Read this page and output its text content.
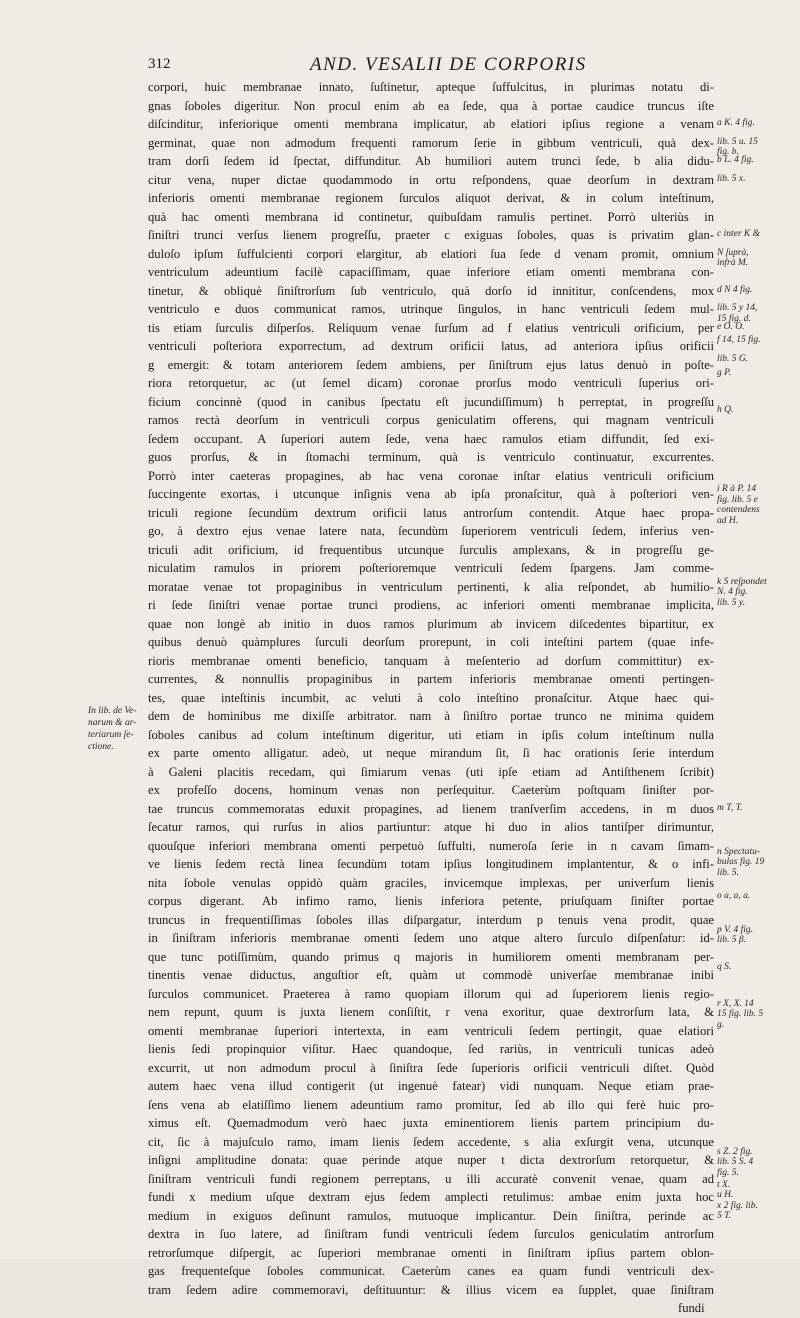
312	AND. VESALII DE CORPORIS
corpori, huic membranae innato, ſuſtinetur, apteque ſuffulcitus, in plurimas notatu di-
gnas ſoboles digeritur. Non procul enim ab ea ſede, qua à portae caudice truncus iſte
diſcinditur, inferiorique omenti membrana implicatur, ab elatiori ipſius regione a venam
germinat, quae non admodum frequenti ramorum ſerie in gibbum ventriculi, quà dex-
tram dorſi ſedem id ſpectat, diffunditur. Ab humiliori autem trunci ſede, b alia didu-
citur vena, nuper dictae quodammodo in ortu reſpondens, quae deorſum in dextram
inferioris omenti membranae regionem ſurculos aliquot derivat, & in colum inteſtinum,
quà hac omenti membrana id continetur, quibuſdam ramulis pertinet. Porrò ulteriùs in
ſiniſtri trunci verſus lienem progreſſu, praeter c exiguas ſoboles, quas is privatim glan-
duloſo ipſum ſuffulcienti corpori elargitur, ab elatiori ſua ſede d venam promit, omnium
ventriculum adeuntium facilè capaciſſimam, quae inferiore etiam omenti membrana con-
tinetur, & obliquè ſiniſtrorſum ſub ventriculo, quà dorſo id innititur, conſcendens, mox
ventriculo e duos communicat ramos, utrinque ſingulos, in hanc ventriculi ſedem mul-
tis etiam ſurculis diſperſos. Reliquum venae ſurſum ad f elatius ventriculi orificium, per
ventriculi poſteriora exporrectum, ad dextrum orificii latus, ad anteriora ipſius orificii
g emergit: & totam anteriorem ſedem ambiens, per ſiniſtrum ejus latus denuò in poſte-
riora retorquetur, ac (ut ſemel dicam) coronae prorſus modo ventriculi ſuperius ori-
ficium concinnè (quod in canibus ſpectatu eſt jucundiſſimum) h perreptat, in progreſſu
ramos rectà deorſum in ventriculi corpus geniculatim offerens, qui magnam ventriculi
ſedem occupant. A ſuperiori autem ſede, vena haec ramulos etiam diffundit, ſed exi-
guos prorſus, & in ſtomachi terminum, quà is ventriculo continuatur, excurrentes.
Porrò inter caeteras propagines, ab hac vena coronae inſtar elatius ventriculi orificium
ſuccingente exortas, i utcunque inſignis vena ab ipſa pronaſcitur, quà à poſteriori ven-
triculi regione ſecundùm dextrum orificii latus antrorſum contendit. Atque haec propa-
go, à dextro ejus venae latere nata, ſecundùm ſuperiorem ventriculi ſedem, inferius ven-
triculi adit orificium, id frequentibus utcunque ſurculis amplexans, & in progreſſu ge-
niculatim ramulos in priorem poſterioremque ventriculi ſedem ſpargens. Jam comme-
moratae venae tot propaginibus in ventriculum pertinenti, k alia reſpondet, ab humilio-
ri ſede ſiniſtri venae portae trunci prodiens, ac inferiori omenti membranae implicita,
quae non longè ab initio in duos ramos plurimum ab invicem diſcedentes bipartitur, ex
quibus denuò quàmplures ſurculi deorſum prorepunt, in coli inteſtini partem (quae infe-
rioris membranae omenti beneficio, tanquam à meſenterio ad dorſum committitur) ex-
currentes, & nonnullis propaginibus in partem inferioris membranae omenti pertingen-
tes, quae inteſtinis incumbit, ac veluti à colo inteſtino pronaſcitur. Atque haec qui-
dem de hominibus me dixiſſe arbitrator. nam à ſiniſtro portae trunco ne minima quidem
ſoboles canibus ad colum inteſtinum digeritur, uti etiam in ipſis colum inteſtinum nulla
ex parte omento alligatur. adeò, ut neque mirandum ſit, ſi hac orationis ſerie interdum
à Galeni placitis recedam, qui ſimiarum venas (uti ipſe etiam ad Antiſthenem ſcribit)
ex profeſſo docens, hominum venas non perſequitur. Caeterùm poſtquam ſiniſter por-
tae truncus commemoratas eduxit propagines, ad lienem tranſverſim accedens, in m duos
ſecatur ramos, qui rurſus in alios partiuntur: atque hi duo in alios tantiſper dirimuntur,
quouſque inferiori membrana omenti perpetuò ſuffulti, numeroſa ſerie in n cavam ſimam-
ve lienis ſedem rectà linea ſecundùm totam ipſius longitudinem implantentur, & o infi-
nita ſobole venulas oppidò quàm graciles, invicemque implexas, per univerſum lienis
corpus digerant. Ab infimo ramo, lienis inferiora petente, priuſquam ſiniſter portae
truncus in frequentiſſimas ſoboles illas diſpargatur, interdum p tenuis vena prodit, quae
in ſiniſtram inferioris membranae omenti ſedem uno atque altero ſurculo diſpenſatur: id-
que tunc potiſſimùm, quando primus q majoris in humiliorem omenti membranam per-
tinentis venae diductus, anguſtior eſt, quàm ut commodè univerſae membranae inibi
ſurculos communicet. Praeterea à ramo quopiam illorum qui ad ſuperiorem lienis regio-
nem repunt, quum is juxta lienem conſiſtit, r vena exoritur, quae dextrorſum lata, &
omenti membranae ſuperiori intertexta, in eam ventriculi ſedem pertingit, quae elatiori
lienis ſedi propinquior viſitur. Haec quandoque, ſed rariùs, in ventriculi tunicas adeò
excurrit, ut non admodum procul à ſiniſtra ſede ſuperioris orificii ventriculi diſtet. Quòd
autem haec vena illud contigerit (ut ingenuè fatear) vidi nunquam. Neque etiam prae-
ſens vena ab elatiſſimo lienem adeuntium ramo promitur, ſed ab illo qui ferè huic pro-
ximus eſt. Quemadmodum verò haec juxta eminentiorem lienis partem principium du-
cit, ſic à majuſculo ramo, imam lienis ſedem accedente, s alia exſurgit vena, utcunque
inſigni amplitudine donata: quae perinde atque nuper t dicta dextrorſum retorquetur, &
ſiniſtram ventriculi fundi regionem perreptans, u illi accuratè convenit venae, quam ad
fundi x medium uſque dextram ejus ſedem amplecti retulimus: ambae enim juxta hoc
medium in exiguos deſinunt ramulos, mutuoque implicantur. Dein ſiniſtra, perinde ac
dextra in ſuo latere, ad ſiniſtram fundi ventriculi ſedem ſurculos geniculatim antrorſum
retrorſumque diſpergit, ac ſuperiori membranae omenti in ſiniſtram ipſius partem oblon-
gas frequenteſque ſoboles communicat. Caeterùm canes ea quam fundi ventriculi dex-
tram ſedem adire commemoravi, deſtituuntur: & illius vicem ea ſupplet, quae ſiniſtram
fundi
In lib. de Ve-
narum & ar-
teriarum ſe-
ctione.
a K. 4 fig.
lib. 5 u. 15
fig. b.
b L. 4 fig.
lib. 5 x.
c inter K &
N ſuprà,
infrà M.
d N 4 fig.
lib. 5 y 14,
15 fig. d.
e O. O.
f 14, 15 fig.
lib. 5 G.
g P.
h Q.
i R à P. 14
fig. lib. 5 e
contendens
ad H.
k S reſpondet
N. 4 fig.
lib. 5 y.
m T, T.
n Spectatu-
bulas fig. 19
lib. 5.
o a, a, a.
p V. 4 fig.
lib. 5 β.
q S.
r X, X. 14
15 fig. lib. 5
g.
s Z. 2 fig.
lib. 5 S. 4
fig. 5.
t X.
u H.
x 2 fig. lib.
5 T.
